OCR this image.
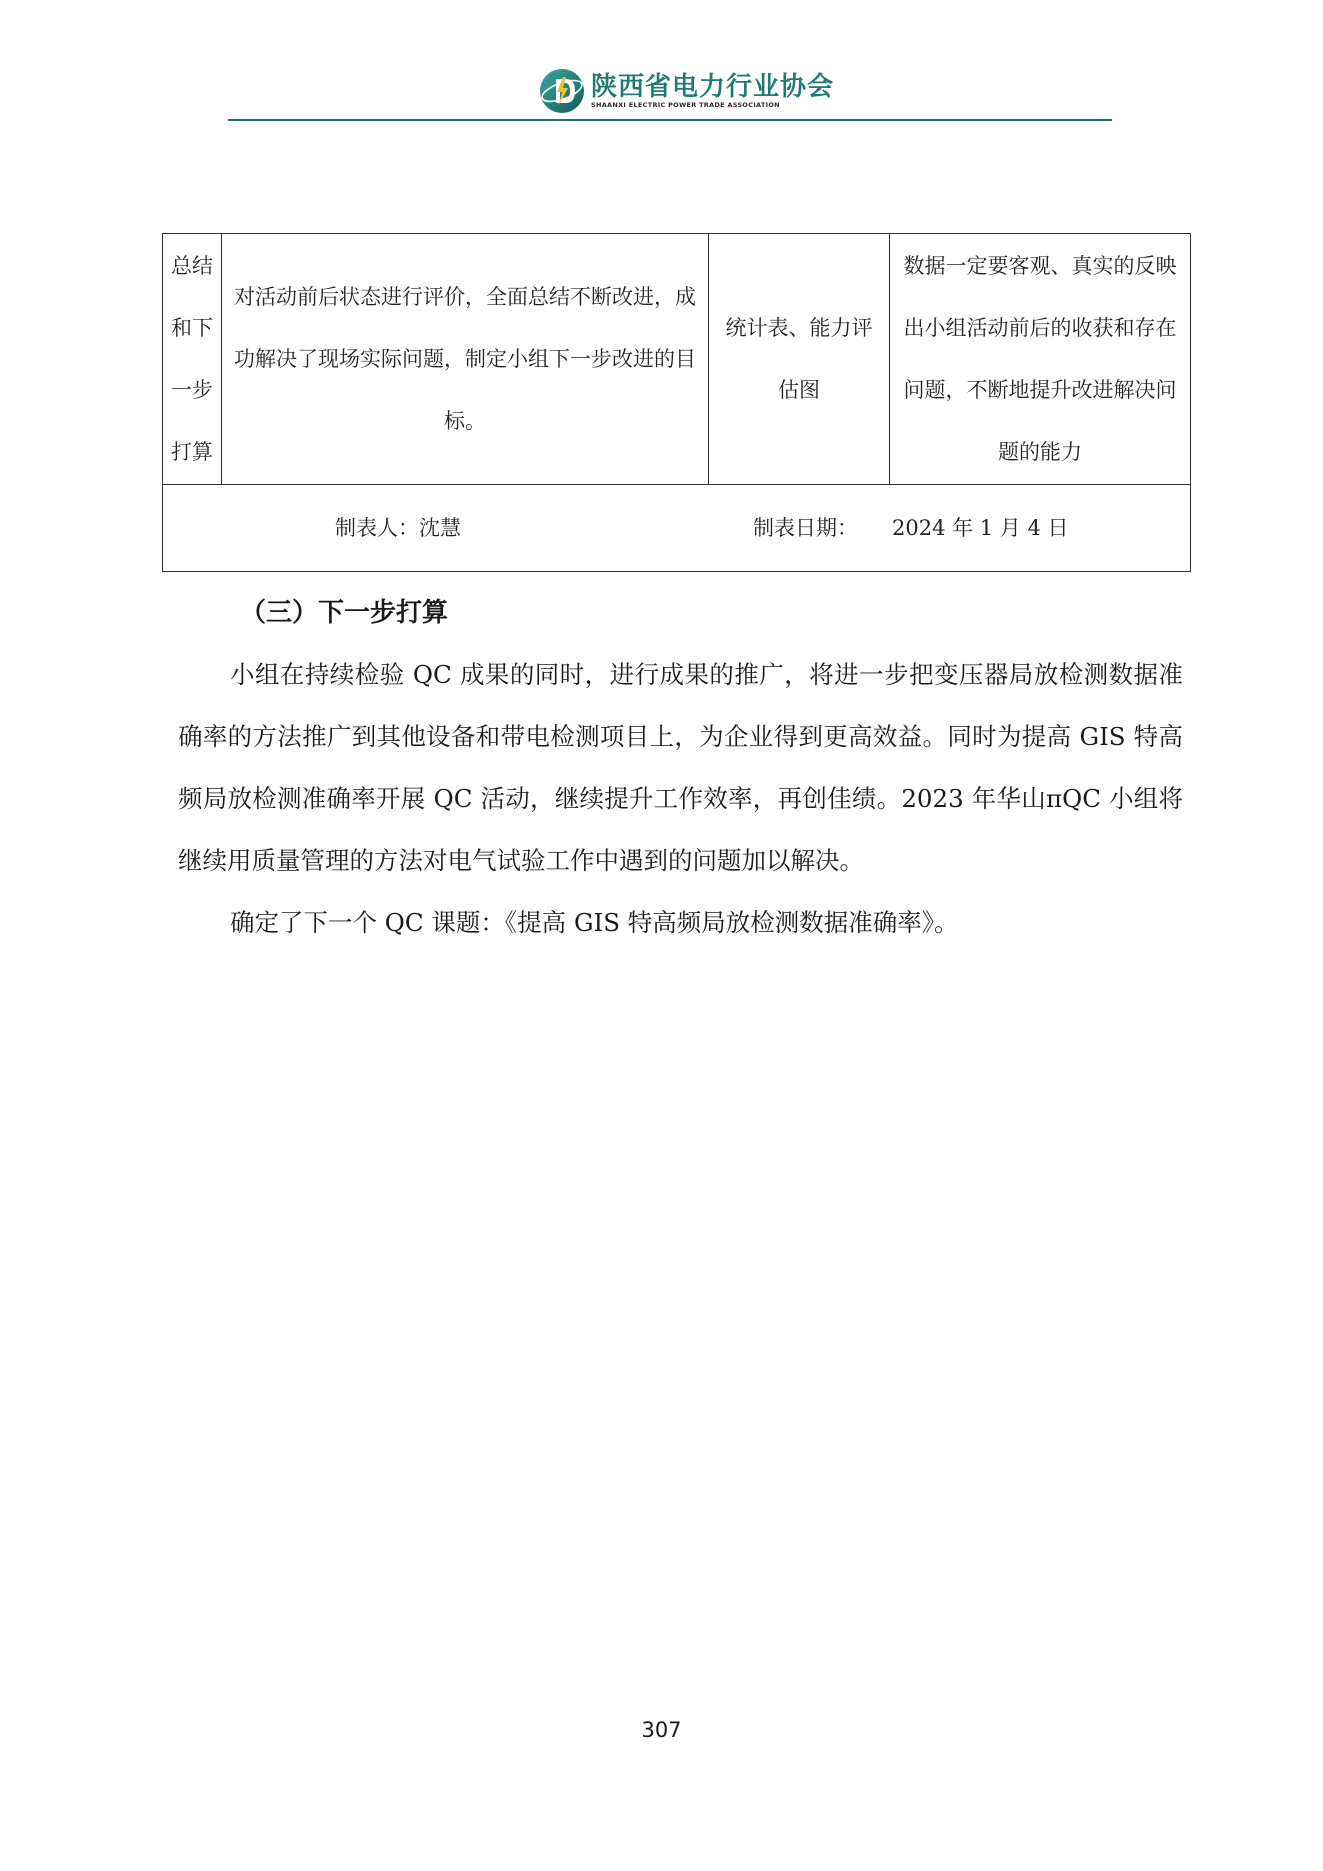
陕西省电力行业协会
SHAANXI ELECTRIC POWER TRADE ASSOCIATION
总结和下一步打算	对活动前后状态进行评价，全面总结不断改进，成功解决了现场实际问题，制定小组下一步改进的目标。	统计表、能力评估图	数据一定要客观、真实的反映出小组活动前后的收获和存在问题，不断地提升改进解决问题的能力

制表人：沈慧	制表日期： 2024 年 1 月 4 日
（三）下一步打算
小组在持续检验 QC 成果的同时，进行成果的推广，将进一步把变压器局放检测数据准确率的方法推广到其他设备和带电检测项目上，为企业得到更高效益。同时为提高 GIS 特高频局放检测准确率开展 QC 活动，继续提升工作效率，再创佳绩。2023 年华山πQC 小组将继续用质量管理的方法对电气试验工作中遇到的问题加以解决。
确定了下一个 QC 课题：《提高 GIS 特高频局放检测数据准确率》。
307
